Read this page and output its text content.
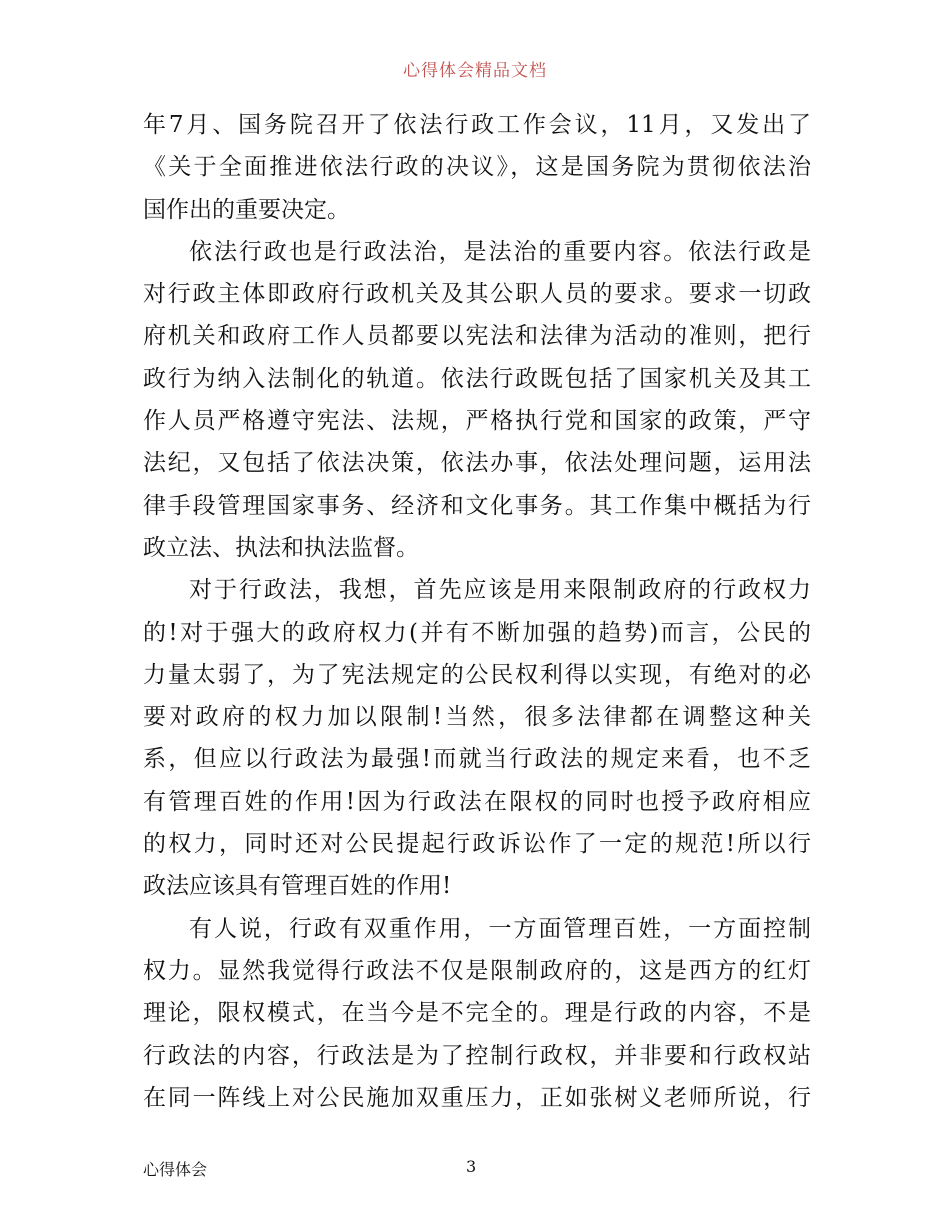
心得体会精品文档
年7月、国务院召开了依法行政工作会议，11月，又发出了
《关于全面推进依法行政的决议》，这是国务院为贯彻依法治
国作出的重要决定。
依法行政也是行政法治，是法治的重要内容。依法行政是
对行政主体即政府行政机关及其公职人员的要求。要求一切政
府机关和政府工作人员都要以宪法和法律为活动的准则，把行
政行为纳入法制化的轨道。依法行政既包括了国家机关及其工
作人员严格遵守宪法、法规，严格执行党和国家的政策，严守
法纪，又包括了依法决策，依法办事，依法处理问题，运用法
律手段管理国家事务、经济和文化事务。其工作集中概括为行
政立法、执法和执法监督。
对于行政法，我想，首先应该是用来限制政府的行政权力
的!对于强大的政府权力(并有不断加强的趋势)而言，公民的
力量太弱了，为了宪法规定的公民权利得以实现，有绝对的必
要对政府的权力加以限制!当然，很多法律都在调整这种关
系，但应以行政法为最强!而就当行政法的规定来看，也不乏
有管理百姓的作用!因为行政法在限权的同时也授予政府相应
的权力，同时还对公民提起行政诉讼作了一定的规范!所以行
政法应该具有管理百姓的作用!
有人说，行政有双重作用，一方面管理百姓，一方面控制
权力。显然我觉得行政法不仅是限制政府的，这是西方的红灯
理论，限权模式，在当今是不完全的。理是行政的内容，不是
行政法的内容，行政法是为了控制行政权，并非要和行政权站
在同一阵线上对公民施加双重压力，正如张树义老师所说，行
心得体会	3
